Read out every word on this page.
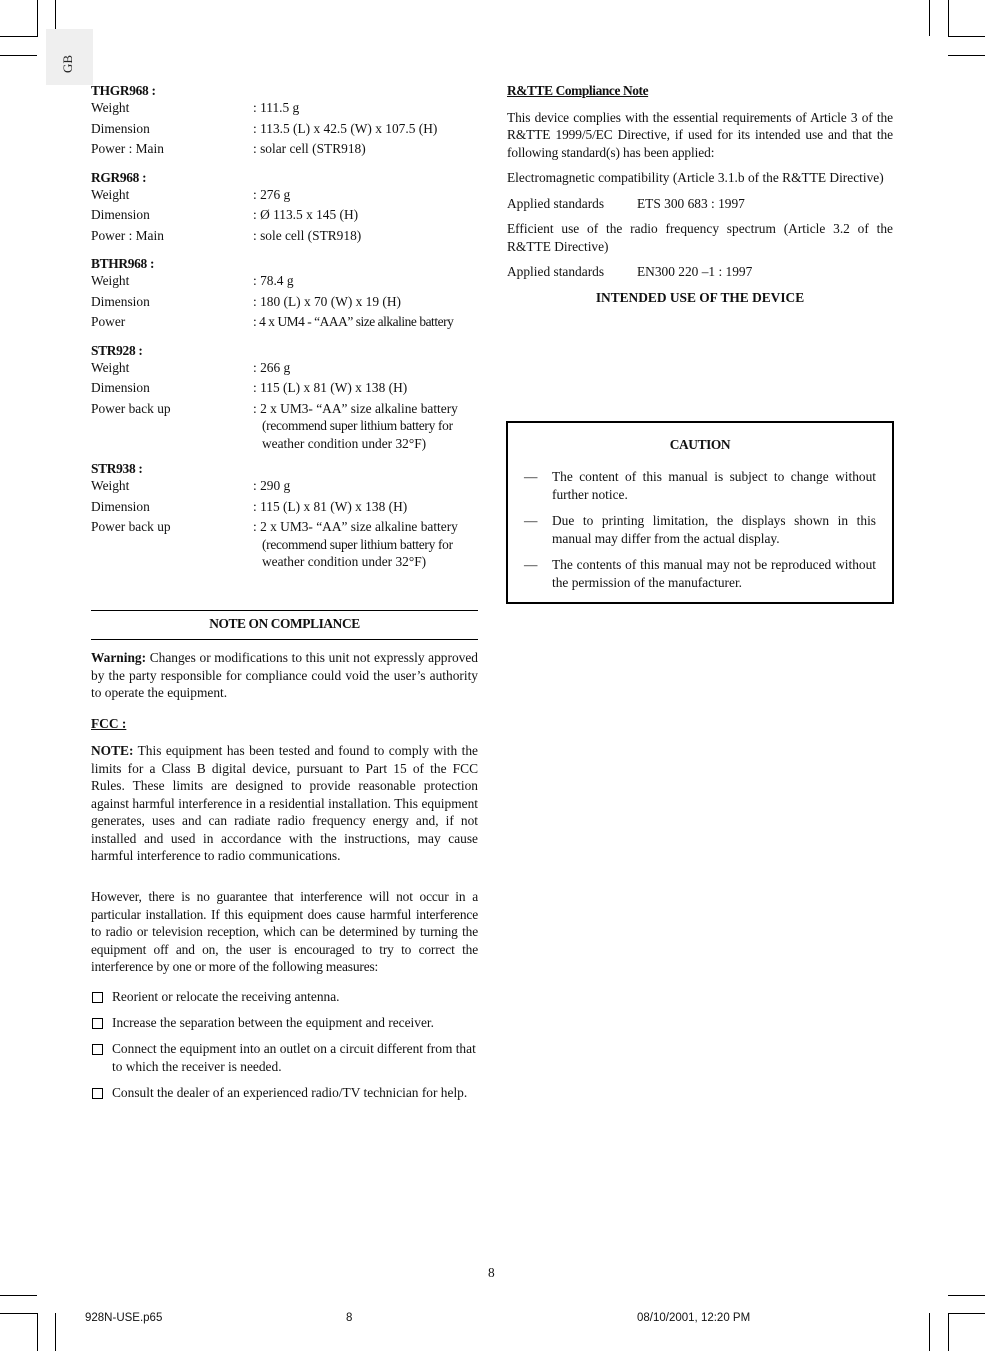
GB

THGR968 :

Weight	: 111.5 g
Dimension	: 113.5 (L) x 42.5 (W) x 107.5 (H)
Power : Main	: solar cell (STR918)

RGR968 :

Weight	: 276 g
Dimension	: Ø 113.5 x 145 (H)
Power : Main	: sole cell (STR918)

BTHR968 :

Weight	: 78.4 g
Dimension	: 180 (L) x 70 (W) x 19 (H)
Power	: 4 x UM4 - “AAA” size alkaline battery

STR928 :

Weight	: 266 g
Dimension	: 115 (L) x 81 (W) x 138 (H)
Power back up	: 2 x UM3- “AA” size alkaline battery
(recommend super lithium battery for
weather condition under 32°F)

STR938 :

Weight	: 290 g
Dimension	: 115 (L) x 81 (W) x 138 (H)
Power back up	: 2 x UM3- “AA” size alkaline battery
(recommend super lithium battery for
weather condition under 32°F)
NOTE ON COMPLIANCE

Warning: Changes or modifications to this unit not expressly approved by the party responsible for compliance could void the user’s authority to operate the equipment.

FCC :

NOTE: This equipment has been tested and found to comply with the limits for a Class B digital device, pursuant to Part 15 of the FCC Rules. These limits are designed to provide reasonable protection against harmful interference in a residential installation. This equipment generates, uses and can radiate radio frequency energy and, if not installed and used in accordance with the instructions, may cause harmful interference to radio communications.

However, there is no guarantee that interference will not occur in a particular installation. If this equipment does cause harmful interference to radio or television reception, which can be determined by turning the equipment off and on, the user is encouraged to try to correct the interference by one or more of the following measures:

Reorient or relocate the receiving antenna.
Increase the separation between the equipment and receiver.
Connect the equipment into an outlet on a circuit different from that to which the receiver is needed.
Consult the dealer of an experienced radio/TV technician for help.

R&TTE Compliance Note

This device complies with the essential requirements of Article 3 of the R&TTE 1999/5/EC Directive, if used for its intended use and that the following standard(s) has been applied:

Electromagnetic compatibility (Article 3.1.b of the R&TTE Directive)

Applied standards	ETS 300 683 : 1997

Efficient use of the radio frequency spectrum (Article 3.2 of the R&TTE Directive)

Applied standards	EN300 220 –1 : 1997
INTENDED USE OF THE DEVICE
CAUTION
—	The content of this manual is subject to change without further notice.
—	Due to printing limitation, the displays shown in this manual may differ from the actual display.
—	The contents of this manual may not be reproduced without the permission of the manufacturer.
8
928N-USE.p65	8	08/10/2001, 12:20 PM
